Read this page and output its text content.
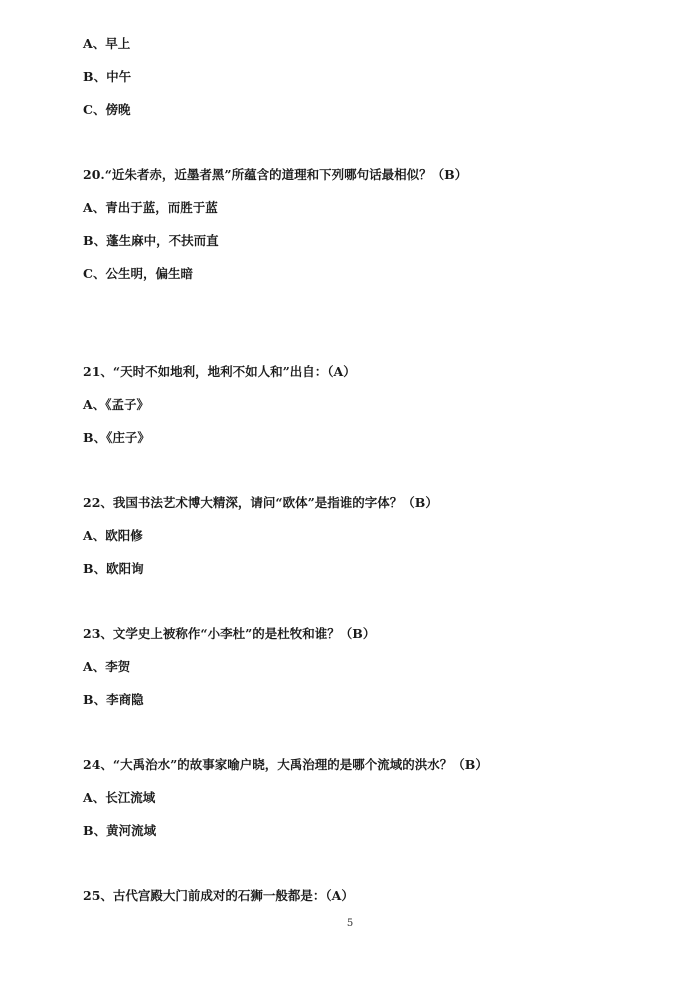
A、早上
B、中午
C、傍晚
20.“近朱者赤，近墨者黑”所蕴含的道理和下列哪句话最相似？（B）
A、青出于蓝，而胜于蓝
B、蓬生麻中，不扶而直
C、公生明，偏生暗
21、“天时不如地利，地利不如人和”出自：（A）
A、《孟子》
B、《庄子》
22、我国书法艺术博大精深，请问“欧体”是指谁的字体？（B）
A、欧阳修
B、欧阳询
23、文学史上被称作“小李杜”的是杜牧和谁？（B）
A、李贺
B、李商隐
24、“大禹治水”的故事家喻户晓，大禹治理的是哪个流域的洪水？（B）
A、长江流域
B、黄河流域
25、古代宫殿大门前成对的石狮一般都是：（A）
5
